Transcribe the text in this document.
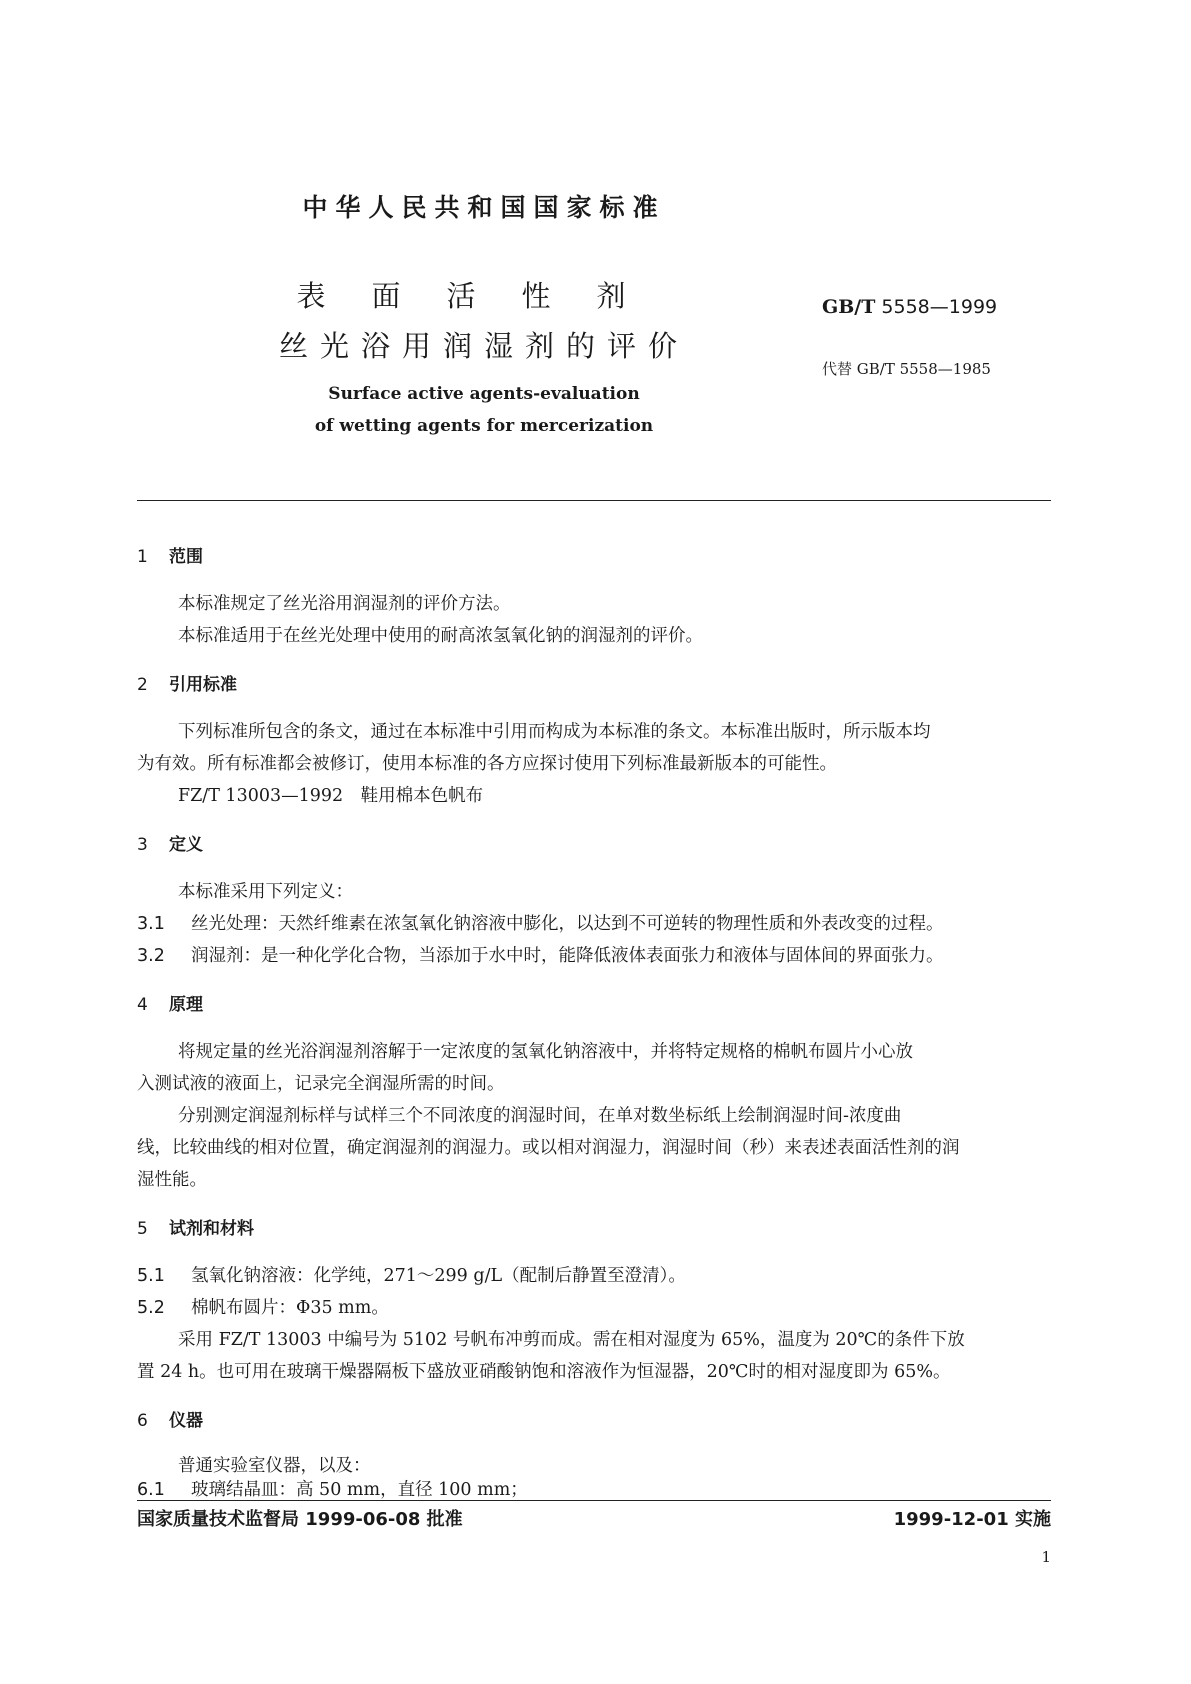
中华人民共和国国家标准
表面活性剂
丝光浴用润湿剂的评价
Surface active agents-evaluation
of wetting agents for mercerization
GB/T 5558—1999
代替 GB/T 5558—1985
1 范围
本标准规定了丝光浴用润湿剂的评价方法。
本标准适用于在丝光处理中使用的耐高浓氢氧化钠的润湿剂的评价。
2 引用标准
下列标准所包含的条文，通过在本标准中引用而构成为本标准的条文。本标准出版时，所示版本均
为有效。所有标准都会被修订，使用本标准的各方应探讨使用下列标准最新版本的可能性。
FZ/T 13003—1992　鞋用棉本色帆布
3 定义
本标准采用下列定义：
3.1 丝光处理：天然纤维素在浓氢氧化钠溶液中膨化，以达到不可逆转的物理性质和外表改变的过程。
3.2 润湿剂：是一种化学化合物，当添加于水中时，能降低液体表面张力和液体与固体间的界面张力。
4 原理
将规定量的丝光浴润湿剂溶解于一定浓度的氢氧化钠溶液中，并将特定规格的棉帆布圆片小心放
入测试液的液面上，记录完全润湿所需的时间。
分别测定润湿剂标样与试样三个不同浓度的润湿时间，在单对数坐标纸上绘制润湿时间-浓度曲
线，比较曲线的相对位置，确定润湿剂的润湿力。或以相对润湿力，润湿时间（秒）来表述表面活性剂的润
湿性能。
5 试剂和材料
5.1 氢氧化钠溶液：化学纯，271～299 g/L（配制后静置至澄清）。
5.2 棉帆布圆片：Φ35 mm。
采用 FZ/T 13003 中编号为 5102 号帆布冲剪而成。需在相对湿度为 65%，温度为 20℃的条件下放
置 24 h。也可用在玻璃干燥器隔板下盛放亚硝酸钠饱和溶液作为恒湿器，20℃时的相对湿度即为 65%。
6 仪器
普通实验室仪器，以及：
6.1 玻璃结晶皿：高 50 mm，直径 100 mm；
国家质量技术监督局 1999-06-08 批准	1999-12-01 实施
1
